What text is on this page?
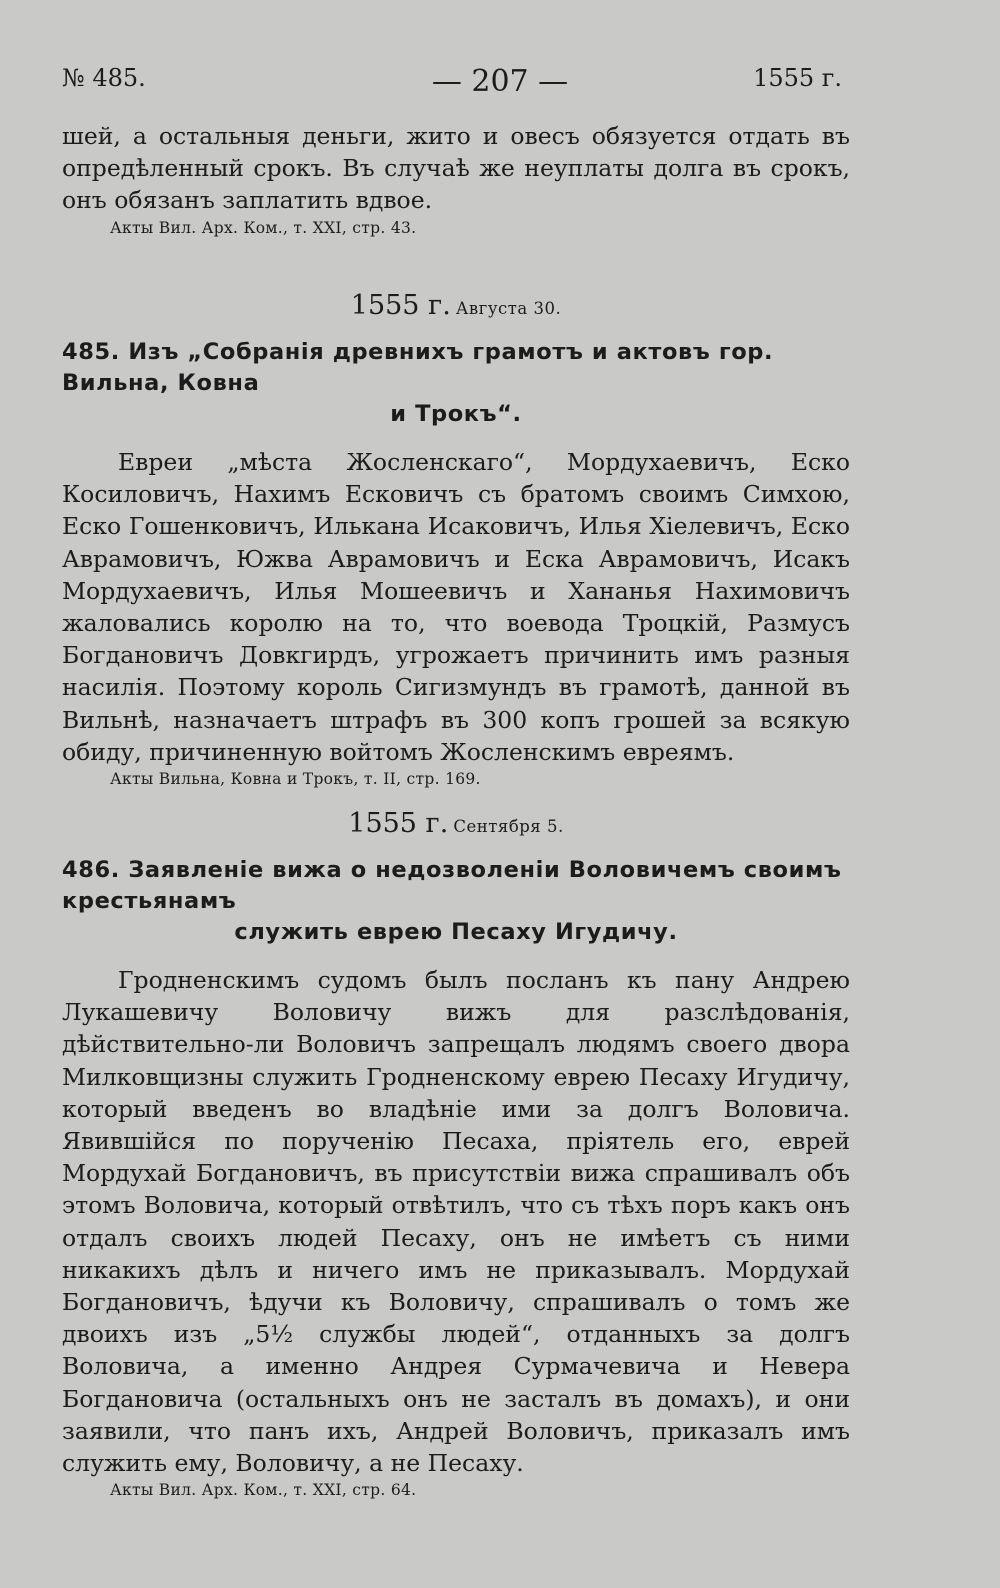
№ 485.	— 207 —	1555 г.

шей, а остальныя деньги, жито и овесъ обязуется отдать въ опредѣленный срокъ. Въ случаѣ же неуплаты долга въ срокъ, онъ обязанъ заплатить вдвое.

Акты Вил. Арх. Ком., т. XXI, стр. 43.

1555 г. Августа 30.

485. Изъ „Собранія древнихъ грамотъ и актовъ гор. Вильна, Ковна
и Трокъ“.

Евреи „мѣста Жосленскаго“, Мордухаевичъ, Еско Косиловичъ, Нахимъ Есковичъ съ братомъ своимъ Симхою, Еско Гошенковичъ, Илькана Исаковичъ, Илья Хіелевичъ, Еско Аврамовичъ, Южва Аврамовичъ и Еска Аврамовичъ, Исакъ Мордухаевичъ, Илья Мошеевичъ и Хананья Нахимовичъ жаловались королю на то, что воевода Троцкій, Размусъ Богдановичъ Довкгирдъ, угрожаетъ причинить имъ разныя насилія. Поэтому король Сигизмундъ въ грамотѣ, данной въ Вильнѣ, назначаетъ штрафъ въ 300 копъ грошей за всякую обиду, причиненную войтомъ Жосленскимъ евреямъ.

Акты Вильна, Ковна и Трокъ, т. II, стр. 169.

1555 г. Сентября 5.

486. Заявленіе вижа о недозволеніи Воловичемъ своимъ крестьянамъ
служить еврею Песаху Игудичу.

Гродненскимъ судомъ былъ посланъ къ пану Андрею Лукашевичу Воловичу вижъ для разслѣдованія, дѣйствительно-ли Воловичъ запрещалъ людямъ своего двора Милковщизны служить Гродненскому еврею Песаху Игудичу, который введенъ во владѣніе ими за долгъ Воловича. Явившійся по порученію Песаха, пріятель его, еврей Мордухай Богдановичъ, въ присутствіи вижа спрашивалъ объ этомъ Воловича, который отвѣтилъ, что съ тѣхъ поръ какъ онъ отдалъ своихъ людей Песаху, онъ не имѣетъ съ ними никакихъ дѣлъ и ничего имъ не приказывалъ. Мордухай Богдановичъ, ѣдучи къ Воловичу, спрашивалъ о томъ же двоихъ изъ „5½ службы людей“, отданныхъ за долгъ Воловича, а именно Андрея Сурмачевича и Невера Богдановича (остальныхъ онъ не засталъ въ домахъ), и они заявили, что панъ ихъ, Андрей Воловичъ, приказалъ имъ служить ему, Воловичу, а не Песаху.

Акты Вил. Арх. Ком., т. XXI, стр. 64.
